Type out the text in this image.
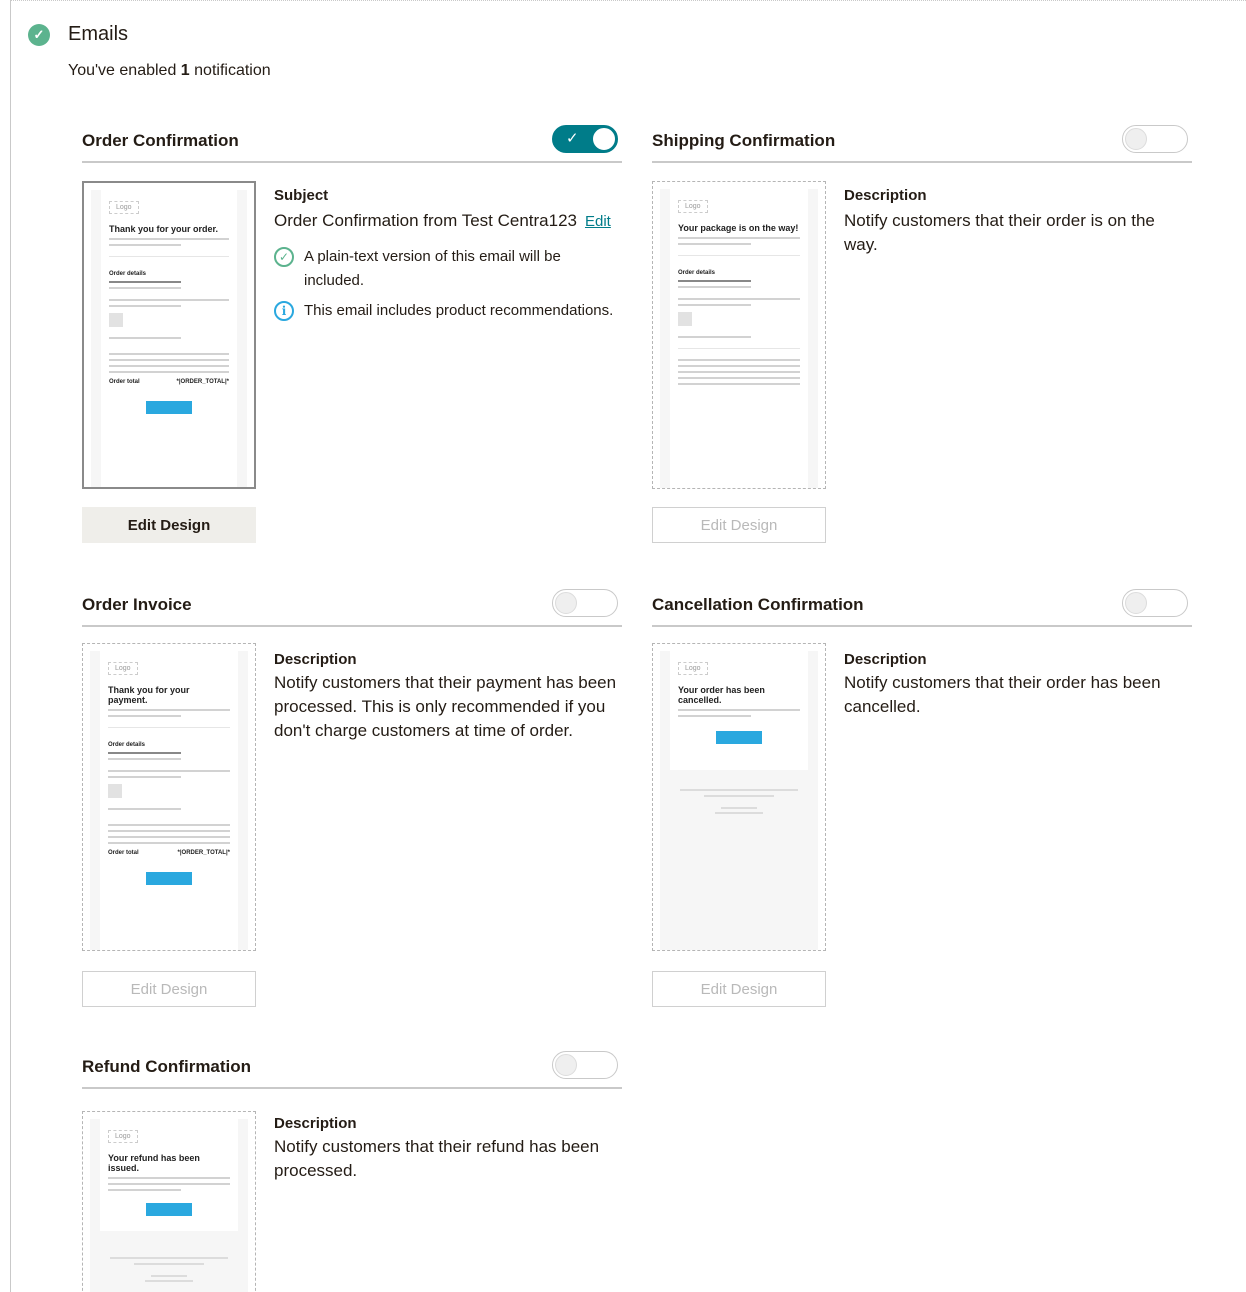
✓ Emails
You've enabled 1 notification
Order Confirmation	✓
Logo
Thank you for your order.
Order details
Order total	*|ORDER_TOTAL|*
Subject
Order Confirmation from Test Centra123 Edit
✓ A plain-text version of this email will be included.
i	This email includes product recommendations.
Edit Design
Shipping Confirmation
Logo
Your package is on the way!
Order details
Description
Notify customers that their order is on the way.
Edit Design
Order Invoice
Logo
Thank you for your payment.
Order details
Order total	*|ORDER_TOTAL|*
Description
Notify customers that their payment has been processed. This is only recommended if you don't charge customers at time of order.
Edit Design
Cancellation Confirmation
Logo
Your order has been cancelled.
Description
Notify customers that their order has been cancelled.
Edit Design
Refund Confirmation
Logo
Your refund has been issued.
Description
Notify customers that their refund has been processed.
